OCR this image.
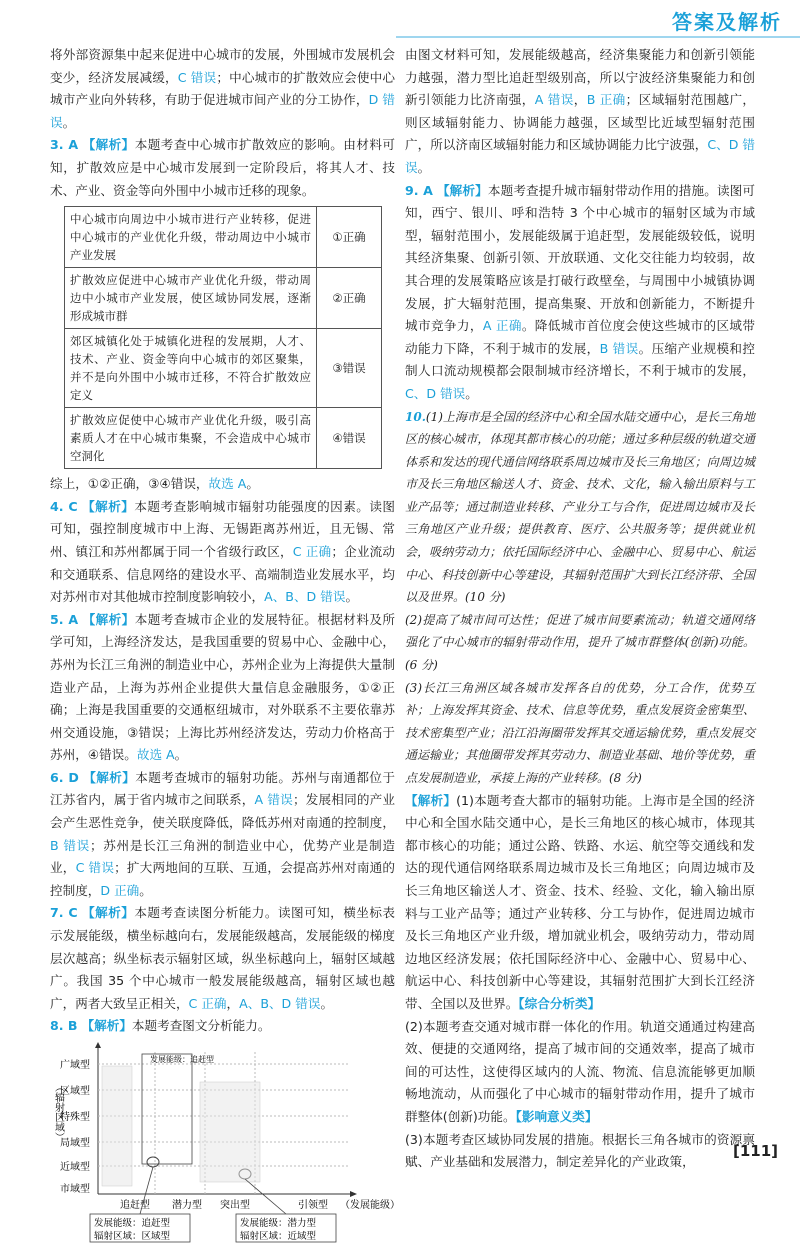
答案及解析

将外部资源集中起来促进中心城市的发展，外围城市发展机会变少，经济发展减缓，C 错误；中心城市的扩散效应会使中心城市产业向外转移，有助于促进城市间产业的分工协作，D 错误。

3. A 【解析】本题考查中心城市扩散效应的影响。由材料可知，扩散效应是中心城市发展到一定阶段后，将其人才、技术、产业、资金等向外围中小城市迁移的现象。

中心城市向周边中小城市进行产业转移，促进中心城市的产业优化升级，带动周边中小城市产业发展	①正确
扩散效应促进中心城市产业优化升级，带动周边中小城市产业发展，使区域协同发展，逐渐形成城市群	②正确
郊区城镇化处于城镇化进程的发展期，人才、技术、产业、资金等向中心城市的郊区聚集，并不是向外围中小城市迁移，不符合扩散效应定义	③错误
扩散效应促使中心城市产业优化升级，吸引高素质人才在中心城市集聚，不会造成中心城市空洞化	④错误

综上，①②正确，③④错误，故选 A。

4. C 【解析】本题考查影响城市辐射功能强度的因素。读图可知，强控制度城市中上海、无锡距离苏州近，且无锡、常州、镇江和苏州都属于同一个省级行政区，C 正确；企业流动和交通联系、信息网络的建设水平、高端制造业发展水平，均对苏州市对其他城市控制度影响较小，A、B、D 错误。

5. A 【解析】本题考查城市企业的发展特征。根据材料及所学可知，上海经济发达，是我国重要的贸易中心、金融中心，苏州为长江三角洲的制造业中心，苏州企业为上海提供大量制造业产品，上海为苏州企业提供大量信息金融服务，①②正确；上海是我国重要的交通枢纽城市，对外联系不主要依靠苏州交通设施，③错误；上海比苏州经济发达，劳动力价格高于苏州，④错误。故选 A。

6. D 【解析】本题考查城市的辐射功能。苏州与南通都位于江苏省内，属于省内城市之间联系，A 错误；发展相同的产业会产生恶性竞争，使关联度降低，降低苏州对南通的控制度，B 错误；苏州是长江三角洲的制造业中心，优势产业是制造业，C 错误；扩大两地间的互联、互通，会提高苏州对南通的控制度，D 正确。

7. C 【解析】本题考查读图分析能力。读图可知，横坐标表示发展能级，横坐标越向右，发展能级越高，发展能级的梯度层次越高；纵坐标表示辐射区域，纵坐标越向上，辐射区域越广。我国 35 个中心城市一般发展能级越高，辐射区域也越广，两者大致呈正相关，C 正确，A、B、D 错误。

8. B 【解析】本题考查图文分析能力。

（辐射区域）
广域型
区域型
特殊型
局域型
近域型
市域型
追赶型 潜力型 突出型	引领型 （发展能级）
发展能级：追赶型
发展能级：追赶型
辐射区域：区域型
发展能级：潜力型
辐射区域：近域型

由图文材料可知，发展能级越高，经济集聚能力和创新引领能力越强，潜力型比追赶型级别高，所以宁波经济集聚能力和创新引领能力比济南强，A 错误，B 正确；区域辐射范围越广，则区域辐射能力、协调能力越强，区域型比近域型辐射范围广，所以济南区域辐射能力和区域协调能力比宁波强，C、D 错误。

9. A 【解析】本题考查提升城市辐射带动作用的措施。读图可知，西宁、银川、呼和浩特 3 个中心城市的辐射区域为市域型，辐射范围小，发展能级属于追赶型，发展能级较低，说明其经济集聚、创新引领、开放联通、文化交往能力均较弱，故其合理的发展策略应该是打破行政壁垒，与周围中小城镇协调发展，扩大辐射范围，提高集聚、开放和创新能力，不断提升城市竞争力，A 正确。降低城市首位度会使这些城市的区域带动能力下降，不利于城市的发展，B 错误。压缩产业规模和控制人口流动规模都会限制城市经济增长，不利于城市的发展，C、D 错误。

10.(1)上海市是全国的经济中心和全国水陆交通中心，是长三角地区的核心城市，体现其都市核心的功能；通过多种层级的轨道交通体系和发达的现代通信网络联系周边城市及长三角地区；向周边城市及长三角地区输送人才、资金、技术、文化，输入输出原料与工业产品等；通过制造业转移、产业分工与合作，促进周边城市及长三角地区产业升级；提供教育、医疗、公共服务等；提供就业机会，吸纳劳动力；依托国际经济中心、金融中心、贸易中心、航运中心、科技创新中心等建设，其辐射范围扩大到长江经济带、全国以及世界。(10 分)

(2)提高了城市间可达性；促进了城市间要素流动；轨道交通网络强化了中心城市的辐射带动作用，提升了城市群整体(创新)功能。(6 分)

(3)长江三角洲区域各城市发挥各自的优势，分工合作，优势互补；上海发挥其资金、技术、信息等优势，重点发展资金密集型、技术密集型产业；沿江沿海圈带发挥其交通运输优势，重点发展交通运输业；其他圈带发挥其劳动力、制造业基础、地价等优势，重点发展制造业，承接上海的产业转移。(8 分)

【解析】(1)本题考查大都市的辐射功能。上海市是全国的经济中心和全国水陆交通中心，是长三角地区的核心城市，体现其都市核心的功能；通过公路、铁路、水运、航空等交通线和发达的现代通信网络联系周边城市及长三角地区；向周边城市及长三角地区输送人才、资金、技术、经验、文化，输入输出原料与工业产品等；通过产业转移、分工与协作，促进周边城市及长三角地区产业升级，增加就业机会，吸纳劳动力，带动周边地区经济发展；依托国际经济中心、金融中心、贸易中心、航运中心、科技创新中心等建设，其辐射范围扩大到长江经济带、全国以及世界。【综合分析类】

(2)本题考查交通对城市群一体化的作用。轨道交通通过构建高效、便捷的交通网络，提高了城市间的交通效率，提高了城市间的可达性，这使得区域内的人流、物流、信息流能够更加顺畅地流动，从而强化了中心城市的辐射带动作用，提升了城市群整体(创新)功能。【影响意义类】

(3)本题考查区域协同发展的措施。根据长三角各城市的资源禀赋、产业基础和发展潜力，制定差异化的产业政策，

[111]
